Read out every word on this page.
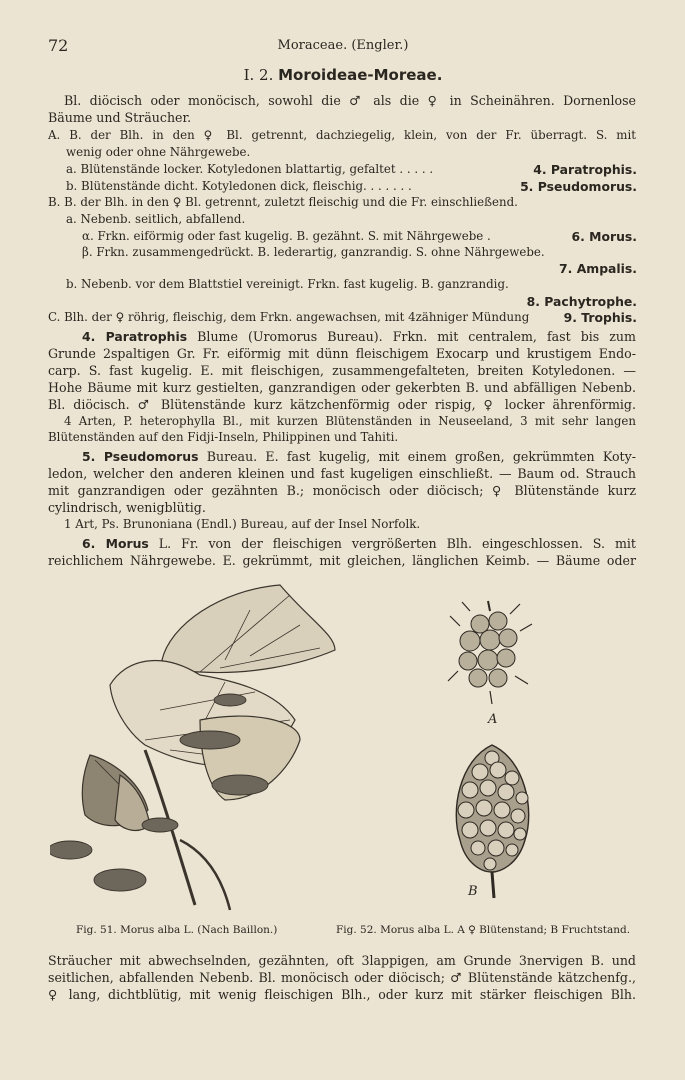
72	Moraceae. (Engler.)
I. 2. Moroideae-Moreae.
Bl. diöcisch oder monöcisch, sowohl die ♂ als die ♀ in Scheinähren. Dornenlose
Bäume und Sträucher.
A. B. der Blh. in den ♀ Bl. getrennt, dachziegelig, klein, von der Fr. überragt. S. mit
wenig oder ohne Nährgewebe.
a. Blütenstände locker. Kotyledonen blattartig, gefaltet . . . . .	4. Paratrophis.
b. Blütenstände dicht. Kotyledonen dick, fleischig. . . . . . .	5. Pseudomorus.
B. B. der Blh. in den ♀ Bl. getrennt, zuletzt fleischig und die Fr. einschließend.
a. Nebenb. seitlich, abfallend.
α. Frkn. eiförmig oder fast kugelig. B. gezähnt. S. mit Nährgewebe .	6. Morus.
β. Frkn. zusammengedrückt. B. lederartig, ganzrandig. S. ohne Nährgewebe.
7. Ampalis.
b. Nebenb. vor dem Blattstiel vereinigt. Frkn. fast kugelig. B. ganzrandig.
8. Pachytrophe.
C. Blh. der ♀ röhrig, fleischig, dem Frkn. angewachsen, mit 4zähniger Mündung	9. Trophis.
4. Paratrophis Blume (Uromorus Bureau). Frkn. mit centralem, fast bis zum
Grunde 2spaltigen Gr. Fr. eiförmig mit dünn fleischigem Exocarp und krustigem Endo-
carp. S. fast kugelig. E. mit fleischigen, zusammengefalteten, breiten Kotyledonen. —
Hohe Bäume mit kurz gestielten, ganzrandigen oder gekerbten B. und abfälligen Nebenb.
Bl. diöcisch. ♂ Blütenstände kurz kätzchenförmig oder rispig, ♀ locker ährenförmig.
4 Arten, P. heterophylla Bl., mit kurzen Blütenständen in Neuseeland, 3 mit sehr langen
Blütenständen auf den Fidji-Inseln, Philippinen und Tahiti.
5. Pseudomorus Bureau. E. fast kugelig, mit einem großen, gekrümmten Koty-
ledon, welcher den anderen kleinen und fast kugeligen einschließt. — Baum od. Strauch
mit ganzrandigen oder gezähnten B.; monöcisch oder diöcisch; ♀ Blütenstände kurz
cylindrisch, wenigblütig.
1 Art, Ps. Brunoniana (Endl.) Bureau, auf der Insel Norfolk.
6. Morus L. Fr. von der fleischigen vergrößerten Blh. eingeschlossen. S. mit
reichlichem Nährgewebe. E. gekrümmt, mit gleichen, länglichen Keimb. — Bäume oder
A
B
Fig. 51. Morus alba L. (Nach Baillon.)	Fig. 52. Morus alba L. A ♀ Blütenstand; B Fruchtstand.
Sträucher mit abwechselnden, gezähnten, oft 3lappigen, am Grunde 3nervigen B. und
seitlichen, abfallenden Nebenb. Bl. monöcisch oder diöcisch; ♂ Blütenstände kätzchenfg.,
♀ lang, dichtblütig, mit wenig fleischigen Blh., oder kurz mit stärker fleischigen Blh.
